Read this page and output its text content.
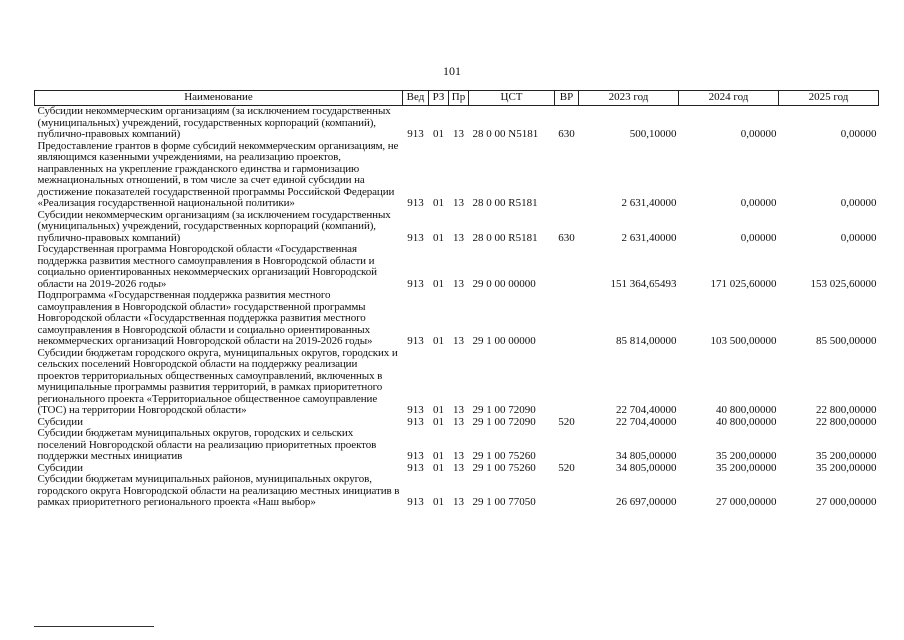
101
Наименование	Вед	РЗ	Пр	ЦСТ	ВР	2023 год	2024 год	2025 год
Субсидии некоммерческим организациям (за исключением государственных (муниципальных) учреждений, государственных корпораций (компаний), публично-правовых компаний)	913	01	13	28 0 00 N5181	630	500,10000	0,00000	0,00000
Предоставление грантов в форме субсидий некоммерческим организациям, не являющимся казенными учреждениями, на реализацию проектов, направленных на укрепление гражданского единства и гармонизацию межнациональных отношений, в том числе за счет единой субсидии на достижение показателей государственной программы Российской Федерации «Реализация государственной национальной политики»	913	01	13	28 0 00 R5181		2 631,40000	0,00000	0,00000
Субсидии некоммерческим организациям (за исключением государственных (муниципальных) учреждений, государственных корпораций (компаний), публично-правовых компаний)	913	01	13	28 0 00 R5181	630	2 631,40000	0,00000	0,00000
Государственная программа Новгородской области «Государственная поддержка развития местного самоуправления в Новгородской области и социально ориентированных некоммерческих организаций Новгородской области на 2019-2026 годы»	913	01	13	29 0 00 00000		151 364,65493	171 025,60000	153 025,60000
Подпрограмма «Государственная поддержка развития местного самоуправления в Новгородской области» государственной программы Новгородской области «Государственная поддержка развития местного самоуправления в Новгородской области и социально ориентированных некоммерческих организаций Новгородской области на 2019-2026 годы»	913	01	13	29 1 00 00000		85 814,00000	103 500,00000	85 500,00000
Субсидии бюджетам городского округа, муниципальных округов, городских и сельских поселений Новгородской области на поддержку реализации проектов территориальных общественных самоуправлений, включенных в муниципальные программы развития территорий, в рамках приоритетного регионального проекта «Территориальное общественное самоуправление (ТОС) на территории Новгородской области»	913	01	13	29 1 00 72090		22 704,40000	40 800,00000	22 800,00000
Субсидии	913	01	13	29 1 00 72090	520	22 704,40000	40 800,00000	22 800,00000
Субсидии бюджетам муниципальных округов, городских и сельских поселений Новгородской области на реализацию приоритетных проектов поддержки местных инициатив	913	01	13	29 1 00 75260		34 805,00000	35 200,00000	35 200,00000
Субсидии	913	01	13	29 1 00 75260	520	34 805,00000	35 200,00000	35 200,00000
Субсидии бюджетам муниципальных районов, муниципальных округов, городского округа Новгородской области на реализацию местных инициатив в рамках приоритетного регионального проекта «Наш выбор»	913	01	13	29 1 00 77050		26 697,00000	27 000,00000	27 000,00000
